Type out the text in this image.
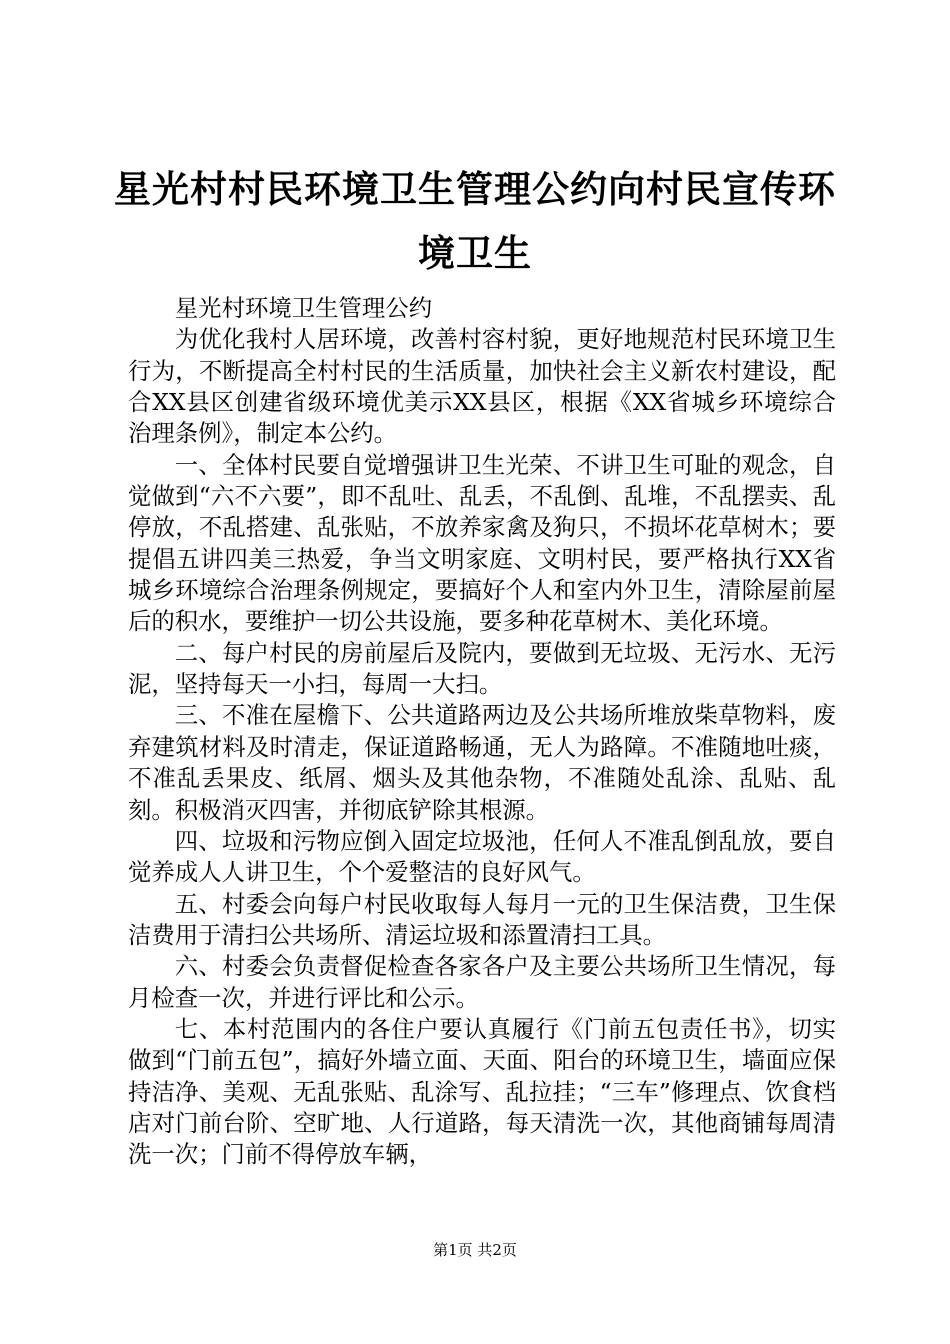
星光村村民环境卫生管理公约向村民宣传环境卫生

星光村环境卫生管理公约

为优化我村人居环境，改善村容村貌，更好地规范村民环境卫生行为，不断提高全村村民的生活质量，加快社会主义新农村建设，配合XX县区创建省级环境优美示XX县区，根据《XX省城乡环境综合治理条例》，制定本公约。

一、全体村民要自觉增强讲卫生光荣、不讲卫生可耻的观念，自觉做到“六不六要”，即不乱吐、乱丢，不乱倒、乱堆，不乱摆卖、乱停放，不乱搭建、乱张贴，不放养家禽及狗只，不损坏花草树木；要提倡五讲四美三热爱，争当文明家庭、文明村民，要严格执行XX省城乡环境综合治理条例规定，要搞好个人和室内外卫生，清除屋前屋后的积水，要维护一切公共设施，要多种花草树木、美化环境。

二、每户村民的房前屋后及院内，要做到无垃圾、无污水、无污泥，坚持每天一小扫，每周一大扫。

三、不准在屋檐下、公共道路两边及公共场所堆放柴草物料，废弃建筑材料及时清走，保证道路畅通，无人为路障。不准随地吐痰，不准乱丢果皮、纸屑、烟头及其他杂物，不准随处乱涂、乱贴、乱刻。积极消灭四害，并彻底铲除其根源。

四、垃圾和污物应倒入固定垃圾池，任何人不准乱倒乱放，要自觉养成人人讲卫生，个个爱整洁的良好风气。

五、村委会向每户村民收取每人每月一元的卫生保洁费，卫生保洁费用于清扫公共场所、清运垃圾和添置清扫工具。

六、村委会负责督促检查各家各户及主要公共场所卫生情况，每月检查一次，并进行评比和公示。

七、本村范围内的各住户要认真履行《门前五包责任书》，切实做到“门前五包”，搞好外墙立面、天面、阳台的环境卫生，墙面应保持洁净、美观、无乱张贴、乱涂写、乱拉挂；“三车”修理点、饮食档店对门前台阶、空旷地、人行道路，每天清洗一次，其他商铺每周清洗一次；门前不得停放车辆，

第1页 共2页
